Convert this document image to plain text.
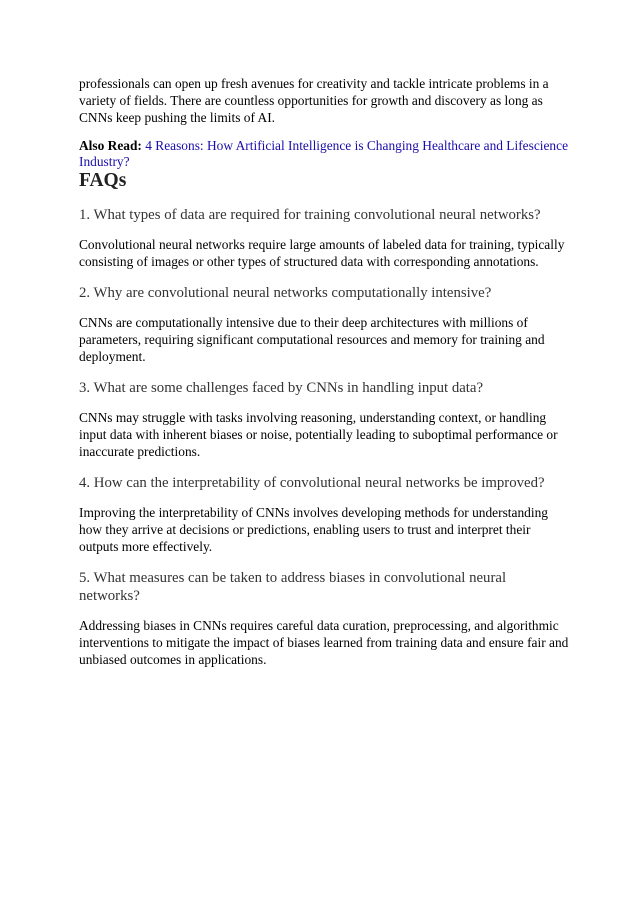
professionals can open up fresh avenues for creativity and tackle intricate problems in a variety of fields. There are countless opportunities for growth and discovery as long as CNNs keep pushing the limits of AI.

Also Read: 4 Reasons: How Artificial Intelligence is Changing Healthcare and Lifescience Industry?

FAQs
1. What types of data are required for training convolutional neural networks?
Convolutional neural networks require large amounts of labeled data for training, typically consisting of images or other types of structured data with corresponding annotations.
2. Why are convolutional neural networks computationally intensive?
CNNs are computationally intensive due to their deep architectures with millions of parameters, requiring significant computational resources and memory for training and deployment.
3. What are some challenges faced by CNNs in handling input data?
CNNs may struggle with tasks involving reasoning, understanding context, or handling input data with inherent biases or noise, potentially leading to suboptimal performance or inaccurate predictions.
4. How can the interpretability of convolutional neural networks be improved?
Improving the interpretability of CNNs involves developing methods for understanding how they arrive at decisions or predictions, enabling users to trust and interpret their outputs more effectively.
5. What measures can be taken to address biases in convolutional neural networks?
Addressing biases in CNNs requires careful data curation, preprocessing, and algorithmic interventions to mitigate the impact of biases learned from training data and ensure fair and unbiased outcomes in applications.
